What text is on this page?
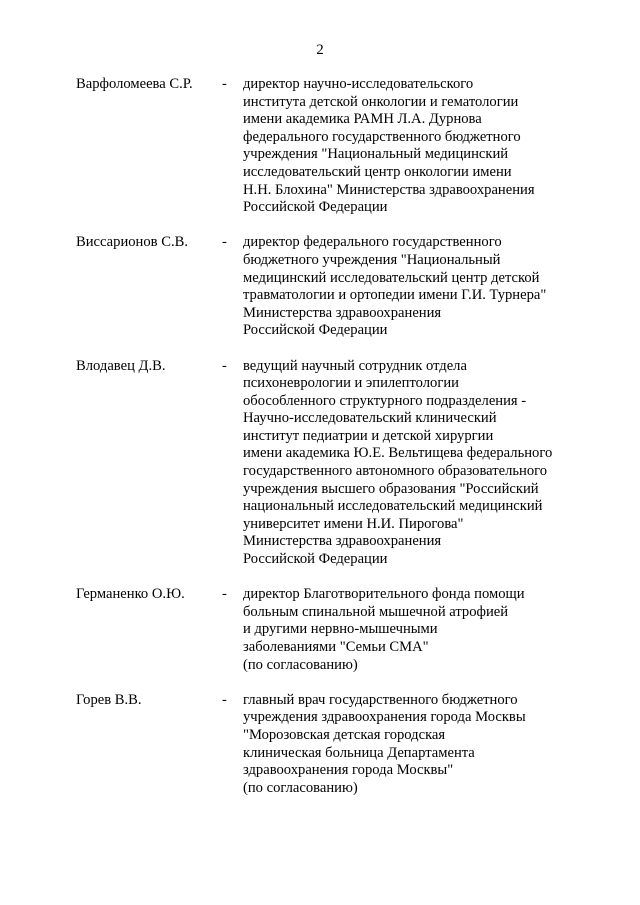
2
Варфоломеева С.Р. - директор научно-исследовательского
института детской онкологии и гематологии
имени академика РАМН Л.А. Дурнова
федерального государственного бюджетного
учреждения "Национальный медицинский
исследовательский центр онкологии имени
Н.Н. Блохина" Министерства здравоохранения
Российской Федерации
Виссарионов С.В. - директор федерального государственного
бюджетного учреждения "Национальный
медицинский исследовательский центр детской
травматологии и ортопедии имени Г.И. Турнера"
Министерства здравоохранения
Российской Федерации
Влодавец Д.В.	- ведущий научный сотрудник отдела
психоневрологии и эпилептологии
обособленного структурного подразделения -
Научно-исследовательский клинический
институт педиатрии и детской хирургии
имени академика Ю.Е. Вельтищева федерального
государственного автономного образовательного
учреждения высшего образования "Российский
национальный исследовательский медицинский
университет имени Н.И. Пирогова"
Министерства здравоохранения
Российской Федерации
Германенко О.Ю.	- директор Благотворительного фонда помощи
больным спинальной мышечной атрофией
и другими нервно-мышечными
заболеваниями "Семьи СМА"
(по согласованию)
Горев В.В.	- главный врач государственного бюджетного
учреждения здравоохранения города Москвы
"Морозовская детская городская
клиническая больница Департамента
здравоохранения города Москвы"
(по согласованию)
